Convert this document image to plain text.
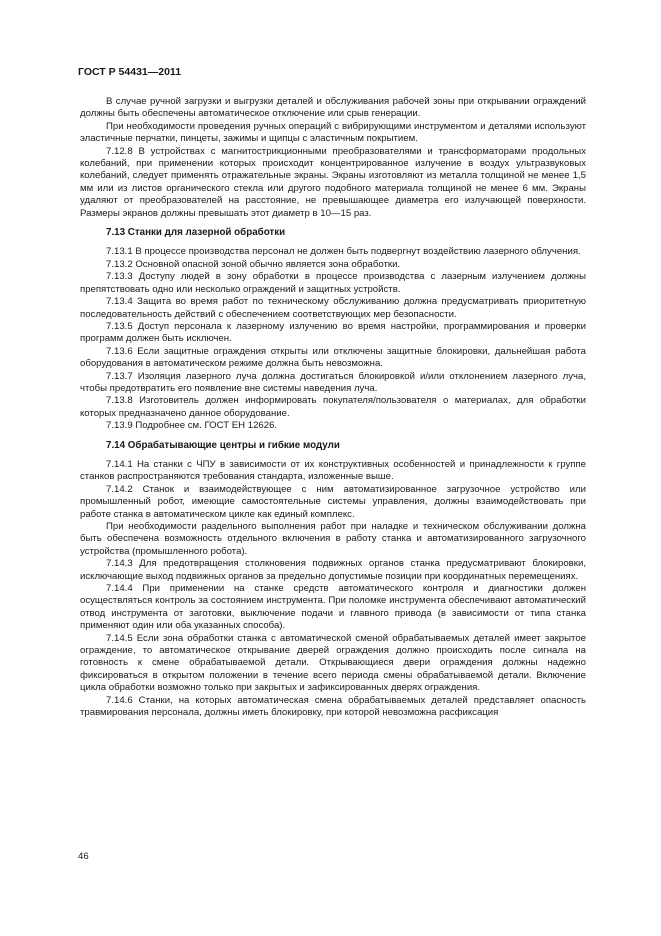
ГОСТ Р 54431—2011
В случае ручной загрузки и выгрузки деталей и обслуживания рабочей зоны при открывании ограждений должны быть обеспечены автоматическое отключение или срыв генерации.
При необходимости проведения ручных операций с вибрирующими инструментом и деталями используют эластичные перчатки, пинцеты, зажимы и щипцы с эластичным покрытием.
7.12.8 В устройствах с магнитострикционными преобразователями и трансформаторами продольных колебаний, при применении которых происходит концентрированное излучение в воздух ультразвуковых колебаний, следует применять отражательные экраны. Экраны изготовляют из металла толщиной не менее 1,5 мм или из листов органического стекла или другого подобного материала толщиной не менее 6 мм. Экраны удаляют от преобразователей на расстояние, не превышающее диаметра его излучающей поверхности. Размеры экранов должны превышать этот диаметр в 10—15 раз.
7.13 Станки для лазерной обработки
7.13.1 В процессе производства персонал не должен быть подвергнут воздействию лазерного облучения.
7.13.2 Основной опасной зоной обычно является зона обработки.
7.13.3 Доступу людей в зону обработки в процессе производства с лазерным излучением должны препятствовать одно или несколько ограждений и защитных устройств.
7.13.4 Защита во время работ по техническому обслуживанию должна предусматривать приоритетную последовательность действий с обеспечением соответствующих мер безопасности.
7.13.5 Доступ персонала к лазерному излучению во время настройки, программирования и проверки программ должен быть исключен.
7.13.6 Если защитные ограждения открыты или отключены защитные блокировки, дальнейшая работа оборудования в автоматическом режиме должна быть невозможна.
7.13.7 Изоляция лазерного луча должна достигаться блокировкой и/или отклонением лазерного луча, чтобы предотвратить его появление вне системы наведения луча.
7.13.8 Изготовитель должен информировать покупателя/пользователя о материалах, для обработки которых предназначено данное оборудование.
7.13.9 Подробнее см. ГОСТ ЕН 12626.
7.14 Обрабатывающие центры и гибкие модули
7.14.1 На станки с ЧПУ в зависимости от их конструктивных особенностей и принадлежности к группе станков распространяются требования стандарта, изложенные выше.
7.14.2 Станок и взаимодействующее с ним автоматизированное загрузочное устройство или промышленный робот, имеющие самостоятельные системы управления, должны взаимодействовать при работе станка в автоматическом цикле как единый комплекс.
При необходимости раздельного выполнения работ при наладке и техническом обслуживании должна быть обеспечена возможность отдельного включения в работу станка и автоматизированного загрузочного устройства (промышленного робота).
7.14.3 Для предотвращения столкновения подвижных органов станка предусматривают блокировки, исключающие выход подвижных органов за предельно допустимые позиции при координатных перемещениях.
7.14.4 При применении на станке средств автоматического контроля и диагностики должен осуществляться контроль за состоянием инструмента. При поломке инструмента обеспечивают автоматический отвод инструмента от заготовки, выключение подачи и главного привода (в зависимости от типа станка применяют один или оба указанных способа).
7.14.5 Если зона обработки станка с автоматической сменой обрабатываемых деталей имеет закрытое ограждение, то автоматическое открывание дверей ограждения должно происходить после сигнала на готовность к смене обрабатываемой детали. Открывающиеся двери ограждения должны надежно фиксироваться в открытом положении в течение всего периода смены обрабатываемой детали. Включение цикла обработки возможно только при закрытых и зафиксированных дверях ограждения.
7.14.6 Станки, на которых автоматическая смена обрабатываемых деталей представляет опасность травмирования персонала, должны иметь блокировку, при которой невозможна расфиксация
46
